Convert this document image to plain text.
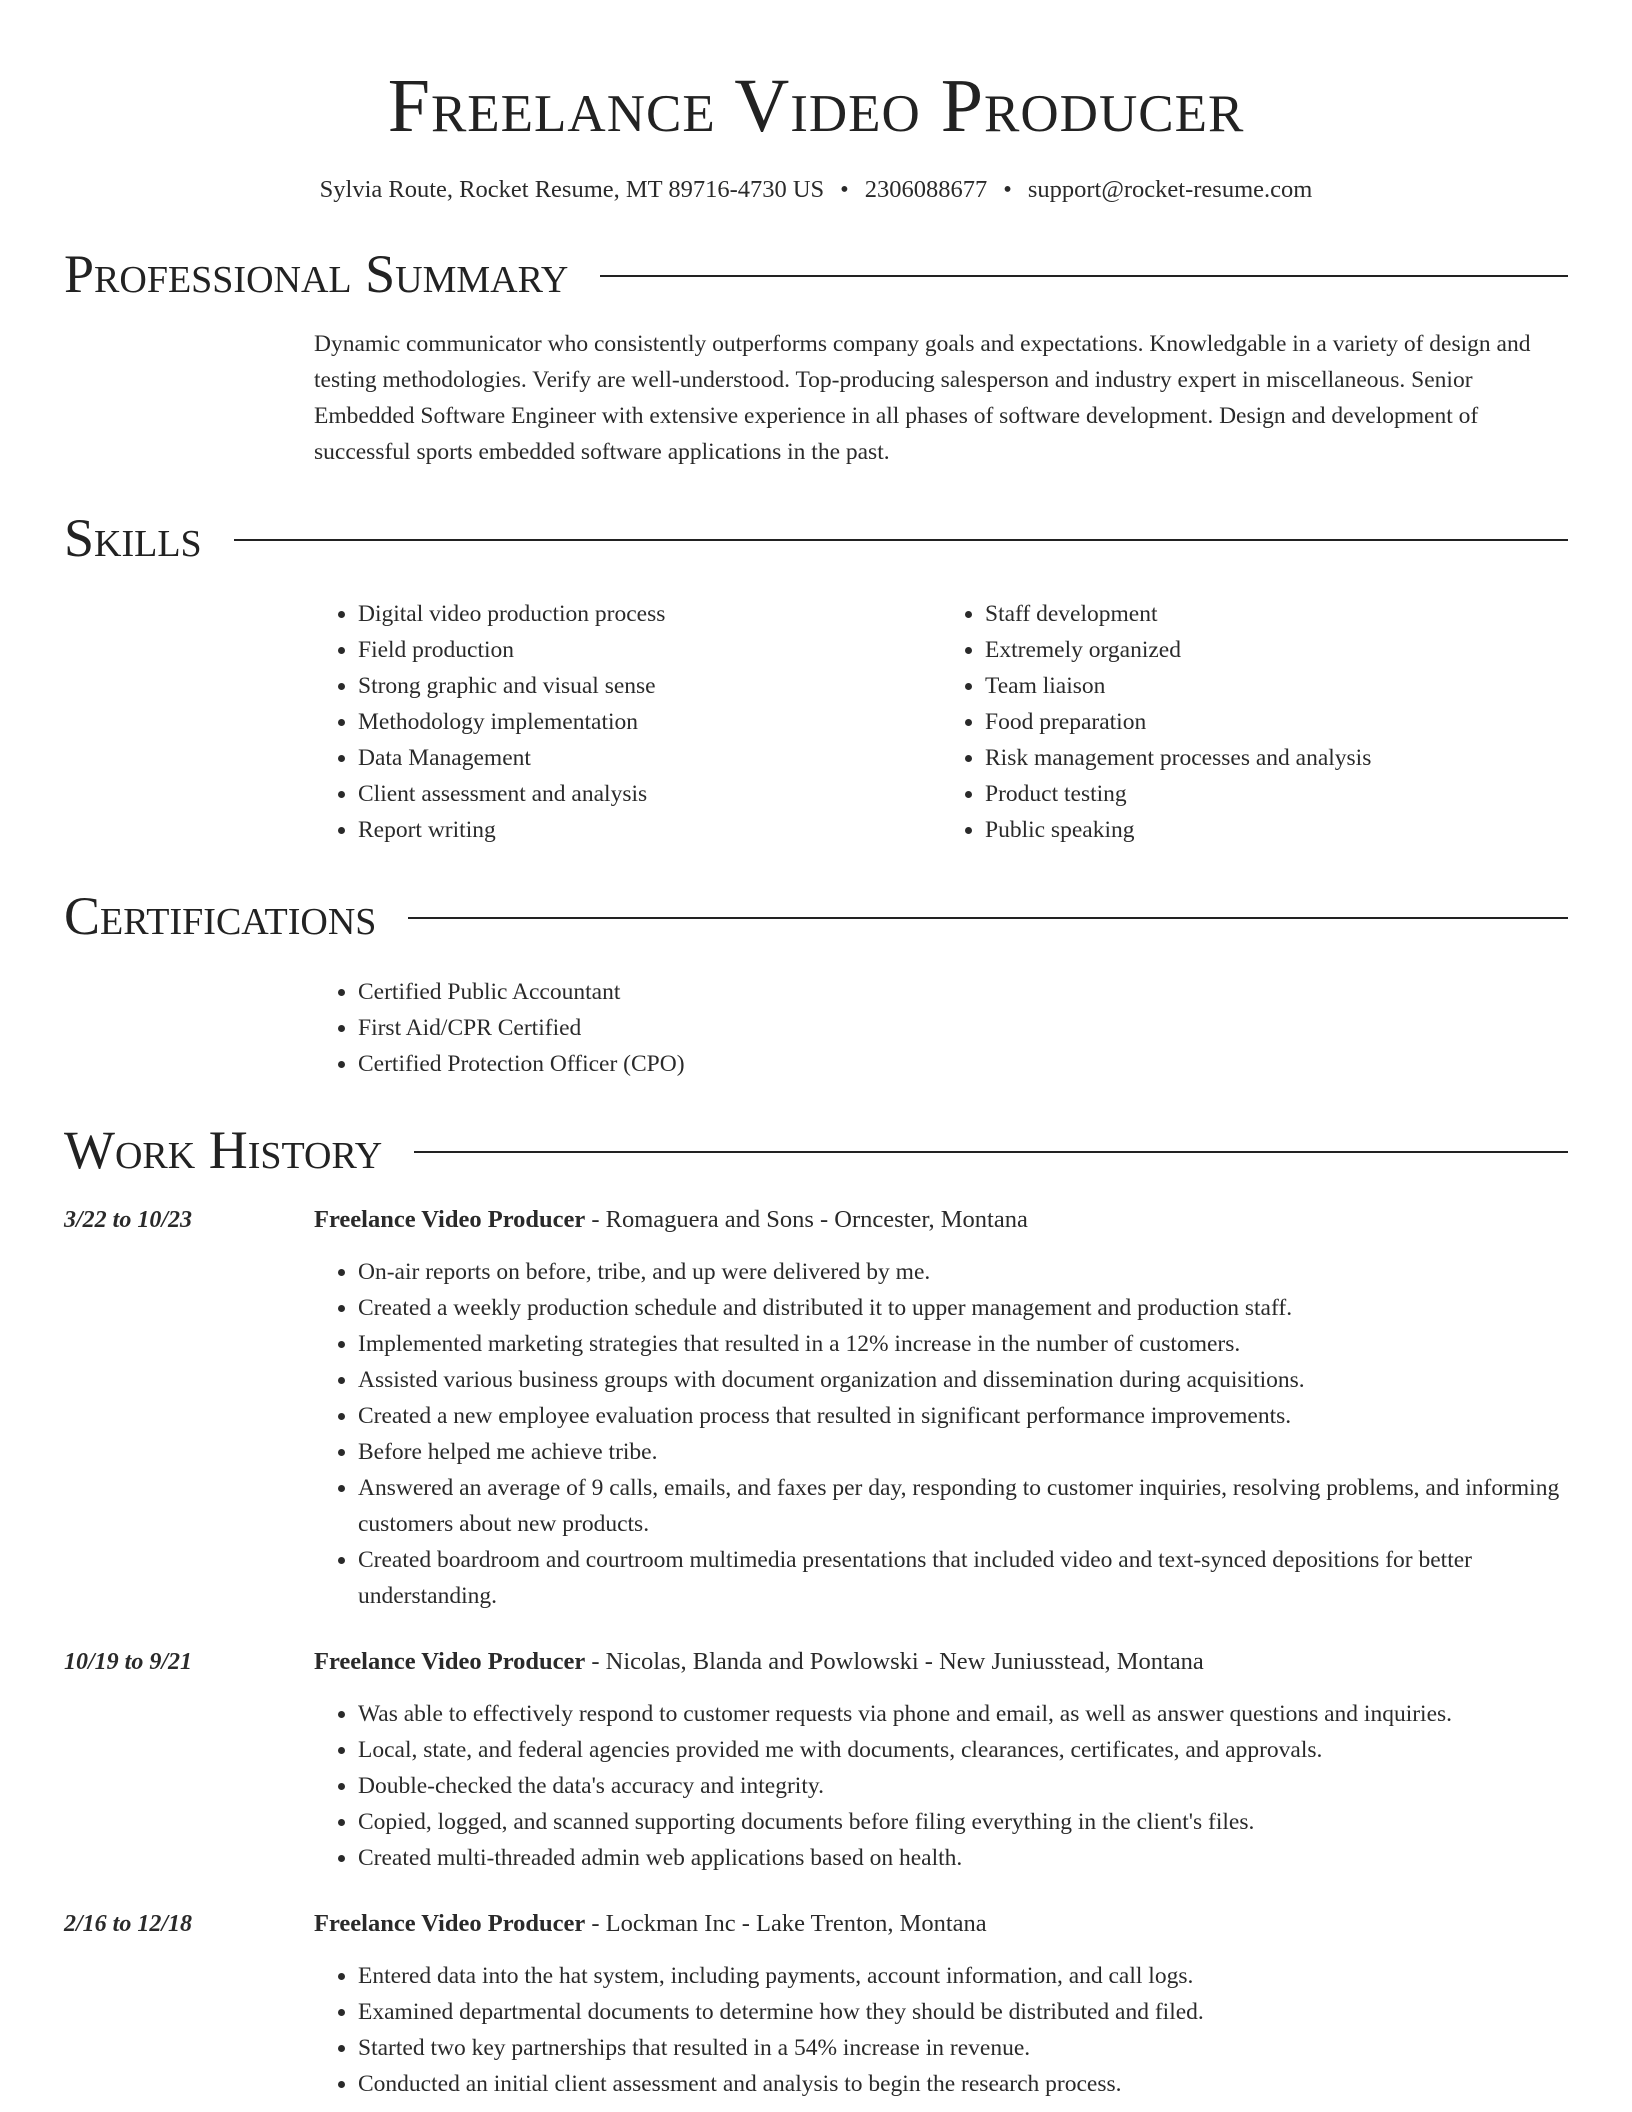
Freelance Video Producer
Sylvia Route, Rocket Resume, MT 89716-4730 US • 2306088677 • support@rocket-resume.com
Professional Summary
Dynamic communicator who consistently outperforms company goals and expectations. Knowledgable in a variety of design and testing methodologies. Verify are well-understood. Top-producing salesperson and industry expert in miscellaneous. Senior Embedded Software Engineer with extensive experience in all phases of software development. Design and development of successful sports embedded software applications in the past.
Skills
• Digital video production process
• Field production
• Strong graphic and visual sense
• Methodology implementation
• Data Management
• Client assessment and analysis
• Report writing
• Staff development
• Extremely organized
• Team liaison
• Food preparation
• Risk management processes and analysis
• Product testing
• Public speaking
Certifications
• Certified Public Accountant
• First Aid/CPR Certified
• Certified Protection Officer (CPO)
Work History
3/22 to 10/23	Freelance Video Producer - Romaguera and Sons - Orncester, Montana
• On-air reports on before, tribe, and up were delivered by me.
• Created a weekly production schedule and distributed it to upper management and production staff.
• Implemented marketing strategies that resulted in a 12% increase in the number of customers.
• Assisted various business groups with document organization and dissemination during acquisitions.
• Created a new employee evaluation process that resulted in significant performance improvements.
• Before helped me achieve tribe.
• Answered an average of 9 calls, emails, and faxes per day, responding to customer inquiries, resolving problems, and informing customers about new products.
• Created boardroom and courtroom multimedia presentations that included video and text-synced depositions for better understanding.
10/19 to 9/21	Freelance Video Producer - Nicolas, Blanda and Powlowski - New Juniusstead, Montana
• Was able to effectively respond to customer requests via phone and email, as well as answer questions and inquiries.
• Local, state, and federal agencies provided me with documents, clearances, certificates, and approvals.
• Double-checked the data's accuracy and integrity.
• Copied, logged, and scanned supporting documents before filing everything in the client's files.
• Created multi-threaded admin web applications based on health.
2/16 to 12/18	Freelance Video Producer - Lockman Inc - Lake Trenton, Montana
• Entered data into the hat system, including payments, account information, and call logs.
• Examined departmental documents to determine how they should be distributed and filed.
• Started two key partnerships that resulted in a 54% increase in revenue.
• Conducted an initial client assessment and analysis to begin the research process.
